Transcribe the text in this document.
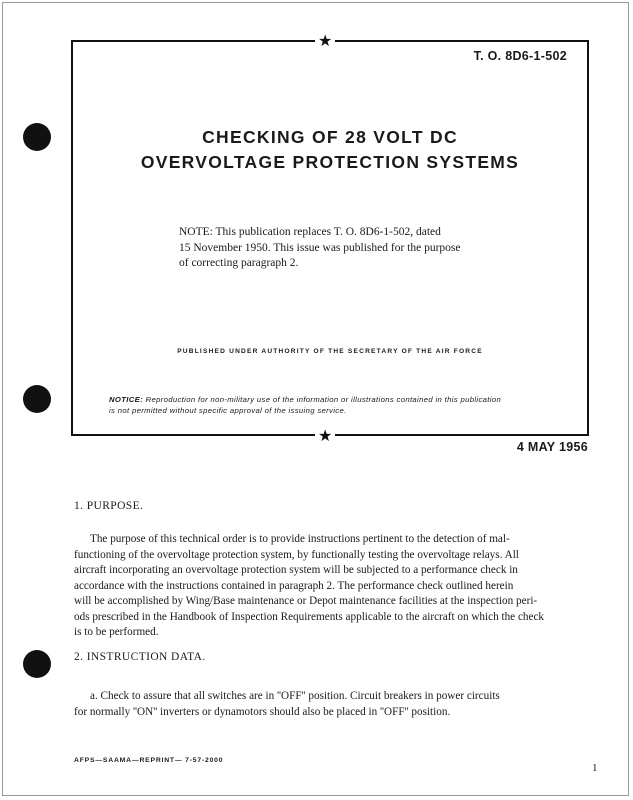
★
★
T. O. 8D6-1-502
CHECKING OF 28 VOLT DC
OVERVOLTAGE PROTECTION SYSTEMS
NOTE: This publication replaces T. O. 8D6-1-502, dated
15 November 1950. This issue was published for the purpose
of correcting paragraph 2.
PUBLISHED UNDER AUTHORITY OF THE SECRETARY OF THE AIR FORCE
NOTICE: Reproduction for non-military use of the information or illustrations contained in this publication
is not permitted without specific approval of the issuing service.
4 MAY 1956
1. PURPOSE.
The purpose of this technical order is to provide instructions pertinent to the detection of mal-
functioning of the overvoltage protection system, by functionally testing the overvoltage relays. All
aircraft incorporating an overvoltage protection system will be subjected to a performance check in
accordance with the instructions contained in paragraph 2. The performance check outlined herein
will be accomplished by Wing/Base maintenance or Depot maintenance facilities at the inspection peri-
ods prescribed in the Handbook of Inspection Requirements applicable to the aircraft on which the check
is to be performed.
2. INSTRUCTION DATA.
a. Check to assure that all switches are in ''OFF'' position. Circuit breakers in power circuits
for normally ''ON'' inverters or dynamotors should also be placed in ''OFF'' position.
AFPS—SAAMA—REPRINT— 7-57-2000
1
